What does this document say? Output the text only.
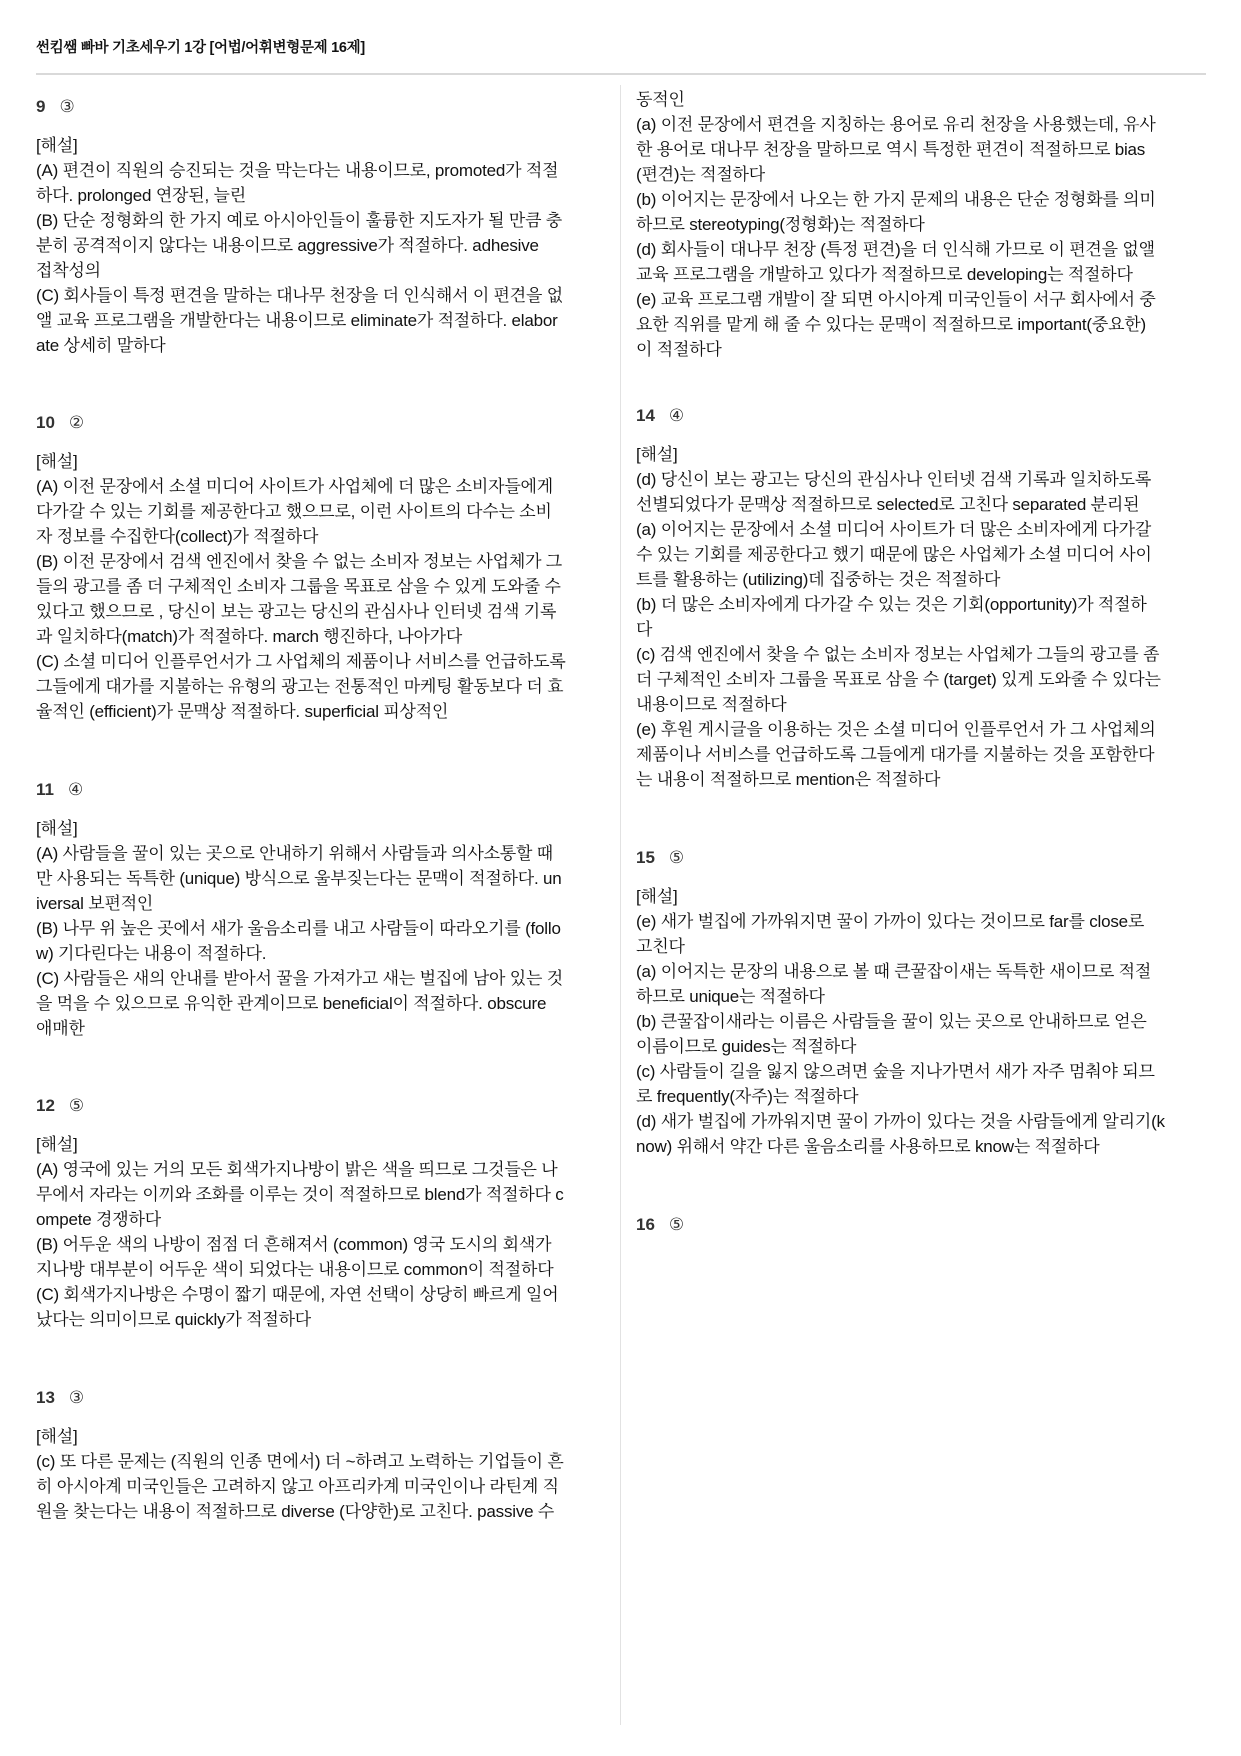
썬킴쌤 빠바 기초세우기 1강 [어법/어휘변형문제 16제]
9 ③
[해설]
(A) 편견이 직원의 승진되는 것을 막는다는 내용이므로, promoted가 적절
하다. prolonged 연장된, 늘린
(B) 단순 정형화의 한 가지 예로 아시아인들이 훌륭한 지도자가 될 만큼 충
분히 공격적이지 않다는 내용이므로 aggressive가 적절하다. adhesive
접착성의
(C) 회사들이 특정 편견을 말하는 대나무 천장을 더 인식해서 이 편견을 없
앨 교육 프로그램을 개발한다는 내용이므로 eliminate가 적절하다. elabor
ate 상세히 말하다
10 ②
[해설]
(A) 이전 문장에서 소셜 미디어 사이트가 사업체에 더 많은 소비자들에게
다가갈 수 있는 기회를 제공한다고 했으므로, 이런 사이트의 다수는 소비
자 정보를 수집한다(collect)가 적절하다
(B) 이전 문장에서 검색 엔진에서 찾을 수 없는 소비자 정보는 사업체가 그
들의 광고를 좀 더 구체적인 소비자 그룹을 목표로 삼을 수 있게 도와줄 수
있다고 했으므로 , 당신이 보는 광고는 당신의 관심사나 인터넷 검색 기록
과 일치하다(match)가 적절하다. march 행진하다, 나아가다
(C) 소셜 미디어 인플루언서가 그 사업체의 제품이나 서비스를 언급하도록
그들에게 대가를 지불하는 유형의 광고는 전통적인 마케팅 활동보다 더 효
율적인 (efficient)가 문맥상 적절하다. superficial 피상적인
11 ④
[해설]
(A) 사람들을 꿀이 있는 곳으로 안내하기 위해서 사람들과 의사소통할 때
만 사용되는 독특한 (unique) 방식으로 울부짖는다는 문맥이 적절하다. un
iversal 보편적인
(B) 나무 위 높은 곳에서 새가 울음소리를 내고 사람들이 따라오기를 (follo
w) 기다린다는 내용이 적절하다.
(C) 사람들은 새의 안내를 받아서 꿀을 가져가고 새는 벌집에 남아 있는 것
을 먹을 수 있으므로 유익한 관계이므로 beneficial이 적절하다. obscure
애매한
12 ⑤
[해설]
(A) 영국에 있는 거의 모든 회색가지나방이 밝은 색을 띄므로 그것들은 나
무에서 자라는 이끼와 조화를 이루는 것이 적절하므로 blend가 적절하다 c
ompete 경쟁하다
(B) 어두운 색의 나방이 점점 더 흔해져서 (common) 영국 도시의 회색가
지나방 대부분이 어두운 색이 되었다는 내용이므로 common이 적절하다
(C) 회색가지나방은 수명이 짧기 때문에, 자연 선택이 상당히 빠르게 일어
났다는 의미이므로 quickly가 적절하다
13 ③
[해설]
(c) 또 다른 문제는 (직원의 인종 면에서) 더 ~하려고 노력하는 기업들이 흔
히 아시아계 미국인들은 고려하지 않고 아프리카계 미국인이나 라틴계 직
원을 찾는다는 내용이 적절하므로 diverse (다양한)로 고친다. passive 수
동적인
(a) 이전 문장에서 편견을 지칭하는 용어로 유리 천장을 사용했는데, 유사
한 용어로 대나무 천장을 말하므로 역시 특정한 편견이 적절하므로 bias
(편견)는 적절하다
(b) 이어지는 문장에서 나오는 한 가지 문제의 내용은 단순 정형화를 의미
하므로 stereotyping(정형화)는 적절하다
(d) 회사들이 대나무 천장 (특정 편견)을 더 인식해 가므로 이 편견을 없앨
교육 프로그램을 개발하고 있다가 적절하므로 developing는 적절하다
(e) 교육 프로그램 개발이 잘 되면 아시아계 미국인들이 서구 회사에서 중
요한 직위를 맡게 해 줄 수 있다는 문맥이 적절하므로 important(중요한)
이 적절하다
14 ④
[해설]
(d) 당신이 보는 광고는 당신의 관심사나 인터넷 검색 기록과 일치하도록
선별되었다가 문맥상 적절하므로 selected로 고친다 separated 분리된
(a) 이어지는 문장에서 소셜 미디어 사이트가 더 많은 소비자에게 다가갈
수 있는 기회를 제공한다고 했기 때문에 많은 사업체가 소셜 미디어 사이
트를 활용하는 (utilizing)데 집중하는 것은 적절하다
(b) 더 많은 소비자에게 다가갈 수 있는 것은 기회(opportunity)가 적절하
다
(c) 검색 엔진에서 찾을 수 없는 소비자 정보는 사업체가 그들의 광고를 좀
더 구체적인 소비자 그룹을 목표로 삼을 수 (target) 있게 도와줄 수 있다는
내용이므로 적절하다
(e) 후원 게시글을 이용하는 것은 소셜 미디어 인플루언서 가 그 사업체의
제품이나 서비스를 언급하도록 그들에게 대가를 지불하는 것을 포함한다
는 내용이 적절하므로 mention은 적절하다
15 ⑤
[해설]
(e) 새가 벌집에 가까워지면 꿀이 가까이 있다는 것이므로 far를 close로
고친다
(a) 이어지는 문장의 내용으로 볼 때 큰꿀잡이새는 독특한 새이므로 적절
하므로 unique는 적절하다
(b) 큰꿀잡이새라는 이름은 사람들을 꿀이 있는 곳으로 안내하므로 얻은
이름이므로 guides는 적절하다
(c) 사람들이 길을 잃지 않으려면 숲을 지나가면서 새가 자주 멈춰야 되므
로 frequently(자주)는 적절하다
(d) 새가 벌집에 가까워지면 꿀이 가까이 있다는 것을 사람들에게 알리기(k
now) 위해서 약간 다른 울음소리를 사용하므로 know는 적절하다
16 ⑤
